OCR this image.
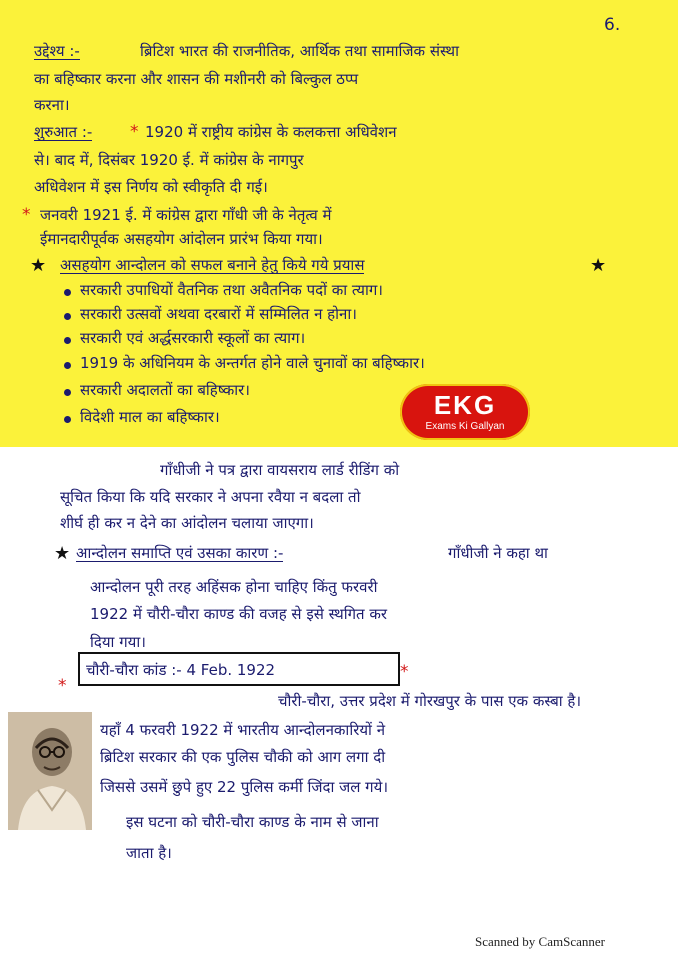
6.
उद्देश्य :-	ब्रिटिश भारत की राजनीतिक, आर्थिक तथा सामाजिक संस्था
का बहिष्कार करना और शासन की मशीनरी को बिल्कुल ठप्प
करना।
शुरुआत :- * 1920 में राष्ट्रीय कांग्रेस के कलकत्ता अधिवेशन
से। बाद में, दिसंबर 1920 ई. में कांग्रेस के नागपुर
अधिवेशन में इस निर्णय को स्वीकृति दी गई।
* जनवरी 1921 ई. में कांग्रेस द्वारा गाँधी जी के नेतृत्व में
ईमानदारीपूर्वक असहयोग आंदोलन प्रारंभ किया गया।
★ असहयोग आन्दोलन को सफल बनाने हेतु किये गये प्रयास	★
सरकारी उपाधियों वैतनिक तथा अवैतनिक पदों का त्याग।
सरकारी उत्सवों अथवा दरबारों में सम्मिलित न होना।
सरकारी एवं अर्द्धसरकारी स्कूलों का त्याग।
1919 के अधिनियम के अन्तर्गत होने वाले चुनावों का बहिष्कार।
सरकारी अदालतों का बहिष्कार।
विदेशी माल का बहिष्कार।	EKG
Exams Ki Gallyan
गाँधीजी ने पत्र द्वारा वायसराय लार्ड रीडिंग को
सूचित किया कि यदि सरकार ने अपना रवैया न बदला तो
शीर्घ ही कर न देने का आंदोलन चलाया जाएगा।
★ आन्दोलन समाप्ति एवं उसका कारण :-	गाँधीजी ने कहा था
आन्दोलन पूरी तरह अहिंसक होना चाहिए किंतु फरवरी
1922 में चौरी-चौरा काण्ड की वजह से इसे स्थगित कर
दिया गया।
*
चौरी-चौरा कांड :- 4 Feb. 1922	*
चौरी-चौरा, उत्तर प्रदेश में गोरखपुर के पास एक कस्बा है।
यहाँ 4 फरवरी 1922 में भारतीय आन्दोलनकारियों ने
ब्रिटिश सरकार की एक पुलिस चौकी को आग लगा दी
जिससे उसमें छुपे हुए 22 पुलिस कर्मी जिंदा जल गये।
इस घटना को चौरी-चौरा काण्ड के नाम से जाना
जाता है।
Scanned by CamScanner
